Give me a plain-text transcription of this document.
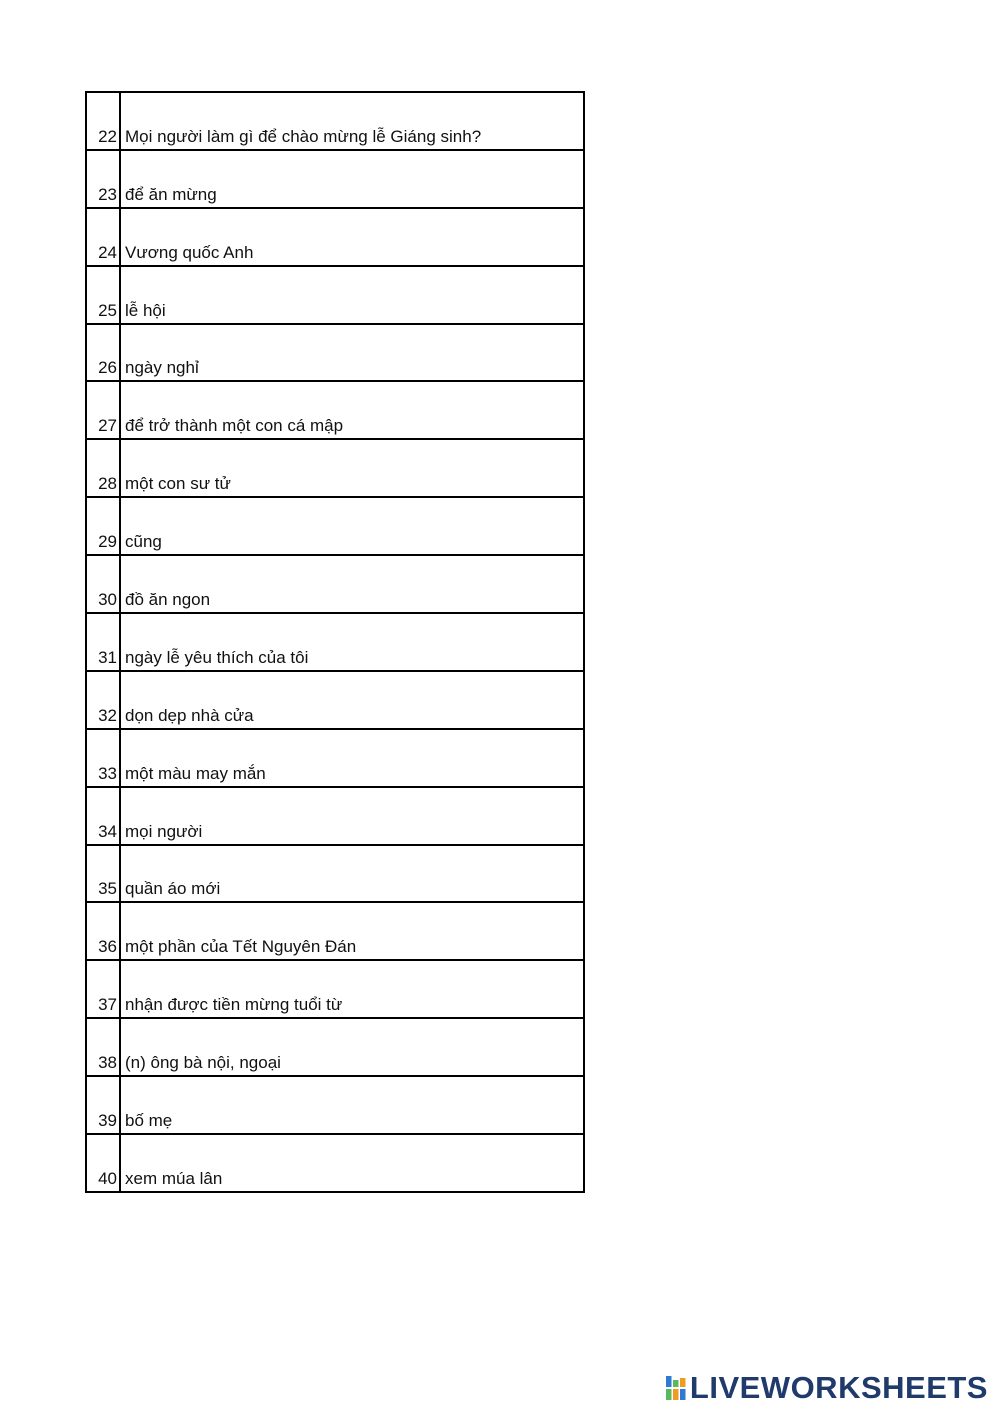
22 Mọi người làm gì để chào mừng lễ Giáng sinh?
23 để ăn mừng
24 Vương quốc Anh
25 lễ hội
26 ngày nghỉ
27 để trở thành một con cá mập
28 một con sư tử
29 cũng
30 đồ ăn ngon
31 ngày lễ yêu thích của tôi
32 dọn dẹp nhà cửa
33 một màu may mắn
34 mọi người
35 quần áo mới
36 một phần của Tết Nguyên Đán
37 nhận được tiền mừng tuổi từ
38 (n) ông bà nội, ngoại
39 bố mẹ
40 xem múa lân
LIVEWORKSHEETS
